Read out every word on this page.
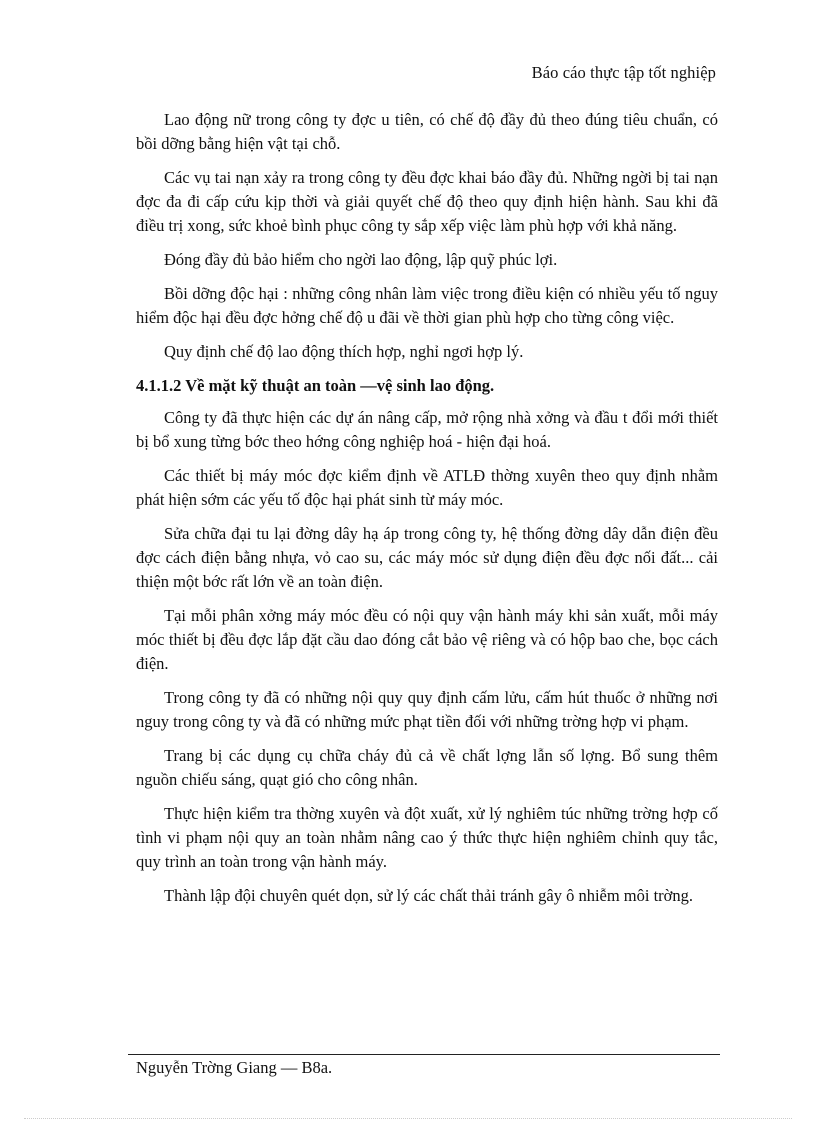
Báo cáo thực tập tốt nghiệp

Lao động nữ trong công ty đợc u tiên, có chế độ đầy đủ theo đúng tiêu chuẩn, có bồi dỡng bằng hiện vật tại chỗ.

Các vụ tai nạn xảy ra trong công ty đều đợc khai báo đầy đủ. Những ngời bị tai nạn đợc đa đi cấp cứu kịp thời và giải quyết chế độ theo quy định hiện hành. Sau khi đã điều trị xong, sức khoẻ bình phục công ty sắp xếp việc làm phù hợp với khả năng.

Đóng đầy đủ bảo hiểm cho ngời lao động, lập quỹ phúc lợi.

Bồi dỡng độc hại : những công nhân làm việc trong điều kiện có nhiều yếu tố nguy hiểm độc hại đều đợc hởng chế độ u đãi về thời gian phù hợp cho từng công việc.

Quy định chế độ lao động thích hợp, nghỉ ngơi hợp lý.

4.1.1.2 Về mặt kỹ thuật an toàn —vệ sinh lao động.

Công ty đã thực hiện các dự án nâng cấp, mở rộng nhà xởng và đầu t đổi mới thiết bị bổ xung từng bớc theo hớng công nghiệp hoá - hiện đại hoá.

Các thiết bị máy móc đợc kiểm định về ATLĐ thờng xuyên theo quy định nhằm phát hiện sớm các yếu tố độc hại phát sinh từ máy móc.

Sửa chữa đại tu lại đờng dây hạ áp trong công ty, hệ thống đờng dây dẫn điện đều đợc cách điện bằng nhựa, vỏ cao su, các máy móc sử dụng điện đều đợc nối đất... cải thiện một bớc rất lớn về an toàn điện.

Tại mỗi phân xởng máy móc đều có nội quy vận hành máy khi sản xuất, mỗi máy móc thiết bị đều đợc lắp đặt cầu dao đóng cắt bảo vệ riêng và có hộp bao che, bọc cách điện.

Trong công ty đã có những nội quy quy định cấm lửu, cấm hút thuốc ở những nơi nguy trong công ty và đã có những mức phạt tiền đối với những trờng hợp vi phạm.

Trang bị các dụng cụ chữa cháy đủ cả về chất lợng lẫn số lợng. Bổ sung thêm nguồn chiếu sáng, quạt gió cho công nhân.

Thực hiện kiểm tra thờng xuyên và đột xuất, xử lý nghiêm túc những trờng hợp cố tình vi phạm nội quy an toàn nhằm nâng cao ý thức thực hiện nghiêm chỉnh quy tắc, quy trình an toàn trong vận hành máy.

Thành lập đội chuyên quét dọn, sử lý các chất thải tránh gây ô nhiễm môi trờng.

Nguyễn Trờng Giang — B8a.
